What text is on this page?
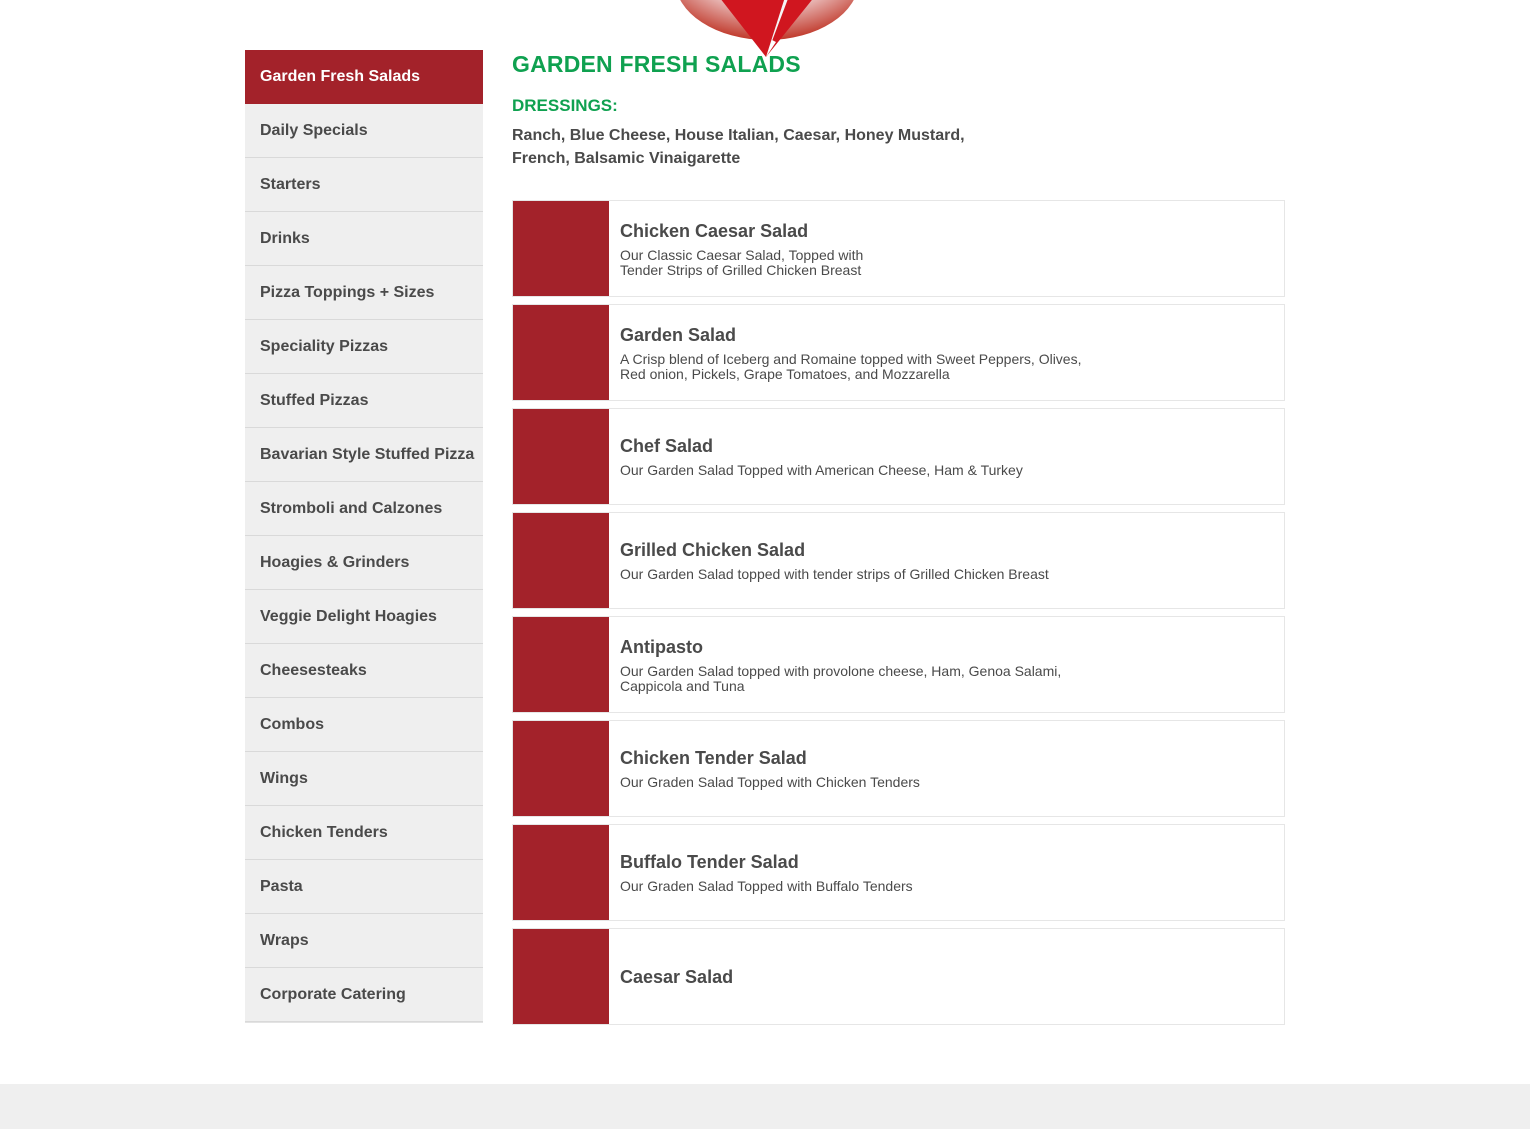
Garden Fresh Salads
Daily Specials
Starters
Drinks
Pizza Toppings + Sizes
Speciality Pizzas
Stuffed Pizzas
Bavarian Style Stuffed Pizza
Stromboli and Calzones
Hoagies & Grinders
Veggie Delight Hoagies
Cheesesteaks
Combos
Wings
Chicken Tenders
Pasta
Wraps
Corporate Catering
GARDEN FRESH SALADS
DRESSINGS:
Ranch, Blue Cheese, House Italian, Caesar, Honey Mustard, French, Balsamic Vinaigarette
Chicken Caesar Salad
Our Classic Caesar Salad, Topped with
Tender Strips of Grilled Chicken Breast
Garden Salad
A Crisp blend of Iceberg and Romaine topped with Sweet Peppers, Olives,
Red onion, Pickels, Grape Tomatoes, and Mozzarella
Chef Salad
Our Garden Salad Topped with American Cheese, Ham & Turkey
Grilled Chicken Salad
Our Garden Salad topped with tender strips of Grilled Chicken Breast
Antipasto
Our Garden Salad topped with provolone cheese, Ham, Genoa Salami,
Cappicola and Tuna
Chicken Tender Salad
Our Graden Salad Topped with Chicken Tenders
Buffalo Tender Salad
Our Graden Salad Topped with Buffalo Tenders
Caesar Salad
